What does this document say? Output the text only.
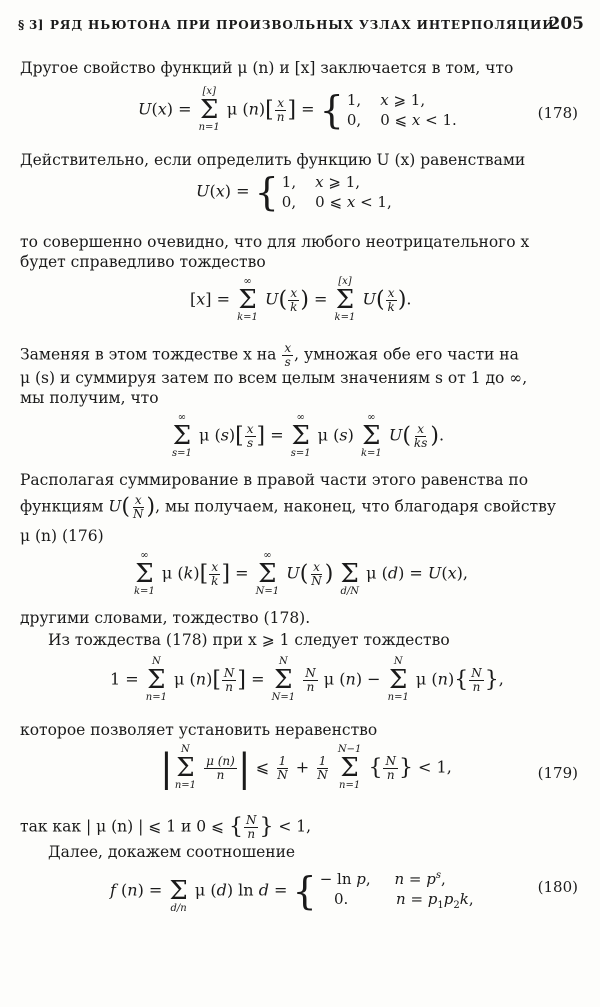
§ 3] РЯД НЬЮТОНА ПРИ ПРОИЗВОЛЬНЫХ УЗЛАХ ИНТЕРПОЛЯЦИИ
205
Другое свойство функций μ (n) и [x] заключается в том, что
U(x) =
[x]
Σ
n=1
μ $(n)[ \frac{x}{n}$ ] = { 1,    x ⩾ 1,
0,    0 ⩽ x < 1.	(178)
Действительно, если определить функцию U (x) равенствами
U(x) = { 1,    x ⩾ 1,
0,    0 ⩽ x < 1,
то совершенно очевидно, что для любого неотрицательного x
будет справедливо тождество
[x] =
∞
Σ
k=1
$U( \frac{x}{k}$ ) =
[x]
Σ
k=1
$U( \frac{x}{k}$ ).
Заменяя в этом тождестве x на $\frac{x}{s}$ , умножая обе его части на
μ (s) и суммируя затем по всем целым значениям s от 1 до ∞,
мы получим, что
∞
Σ
s=1
μ $(s)[ \frac{x}{s}$ ] =
∞
Σ
s=1
μ (s)
∞
Σ
k=1
$U( \frac{x}{ks}$ ).
Располагая суммирование в правой части этого равенства по
функциям $U( \frac{x}{N}$ ), мы получаем, наконец, что благодаря свойству
μ (n) (176)
∞
Σ
k=1
μ $(k)[ \frac{x}{k}$ ] =
∞
Σ
N=1
$U( \frac{x}{N}$ )
Σ
d/N
μ (d) = U(x),
другими словами, тождество (178).
Из тождества (178) при x ⩾ 1 следует тождество
1 =
N
Σ
n=1
μ $(n)[ \frac{N}{n}$ ] =
N
Σ
N=1

$\frac{N}{n}$ μ (n) −
N
Σ
n=1
μ $(n)\{ \frac{N}{n}$ },
которое позволяет установить неравенство
| N
Σ
n=1

$\frac{\mu (n)}{n}$ | ⩽ $\frac{1}{N} + \frac{1}{N}$

N−1
Σ
n=1
{ $\frac{N}{n}$ } < 1,	(179)
так как | μ (n) | ⩽ 1 и 0 ⩽ { $\frac{N}{n}$ } < 1,
Далее, докажем соотношение
f (n) =
Σ
d/n
μ (d) ln d = { − ln p,     $n = p^s$,
0.          $n = p_1p_2k$,
(180)
